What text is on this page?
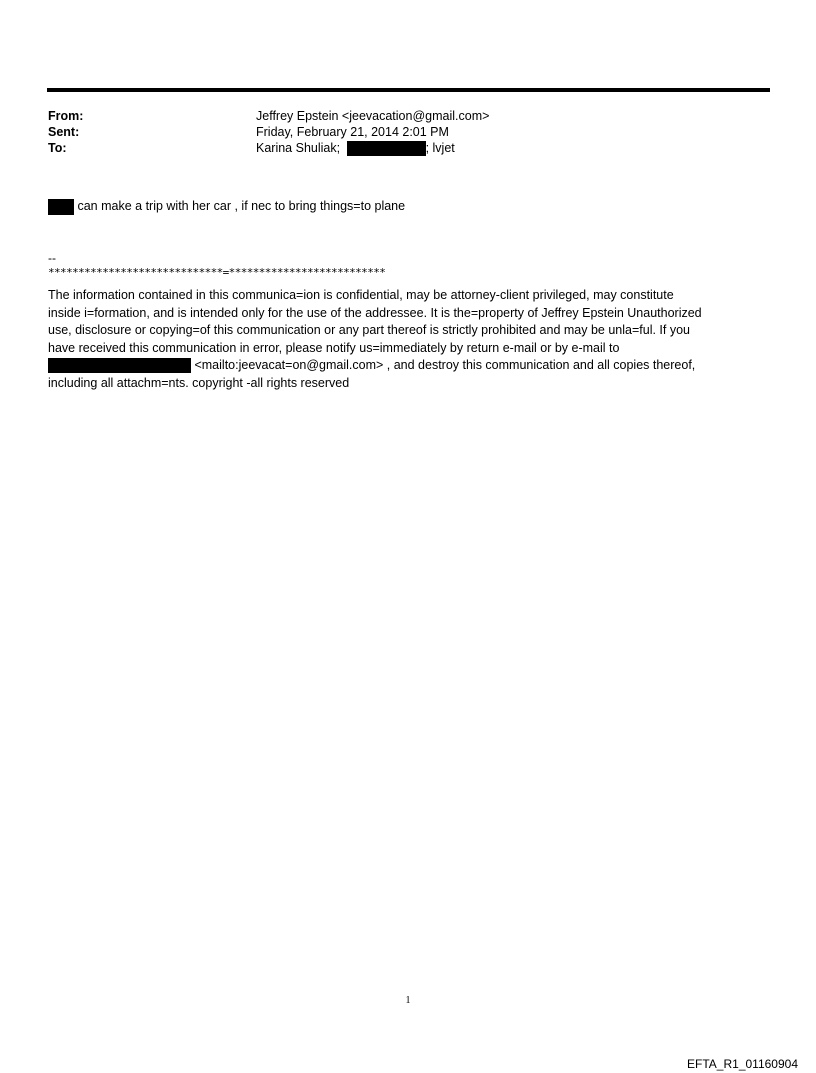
From:	Jeffrey Epstein <jeevacation@gmail.com>
Sent:	Friday, February 21, 2014 2:01 PM
To:	Karina Shuliak;	; lvjet
can make a trip with her car , if nec to bring things=to plane
--
*****************************=**************************
The information contained in this communica=ion is confidential, may be attorney-client privileged, may constitute
inside i=formation, and is intended only for the use of the addressee. It is the=property of Jeffrey Epstein Unauthorized
use, disclosure or copying=of this communication or any part thereof is strictly prohibited and may be unla=ful. If you
have received this communication in error, please notify us=immediately by return e-mail or by e-mail to
<mailto:jeevacat=on@gmail.com> , and destroy this communication and all copies thereof,
including all attachm=nts. copyright -all rights reserved
1
EFTA_R1_01160904
